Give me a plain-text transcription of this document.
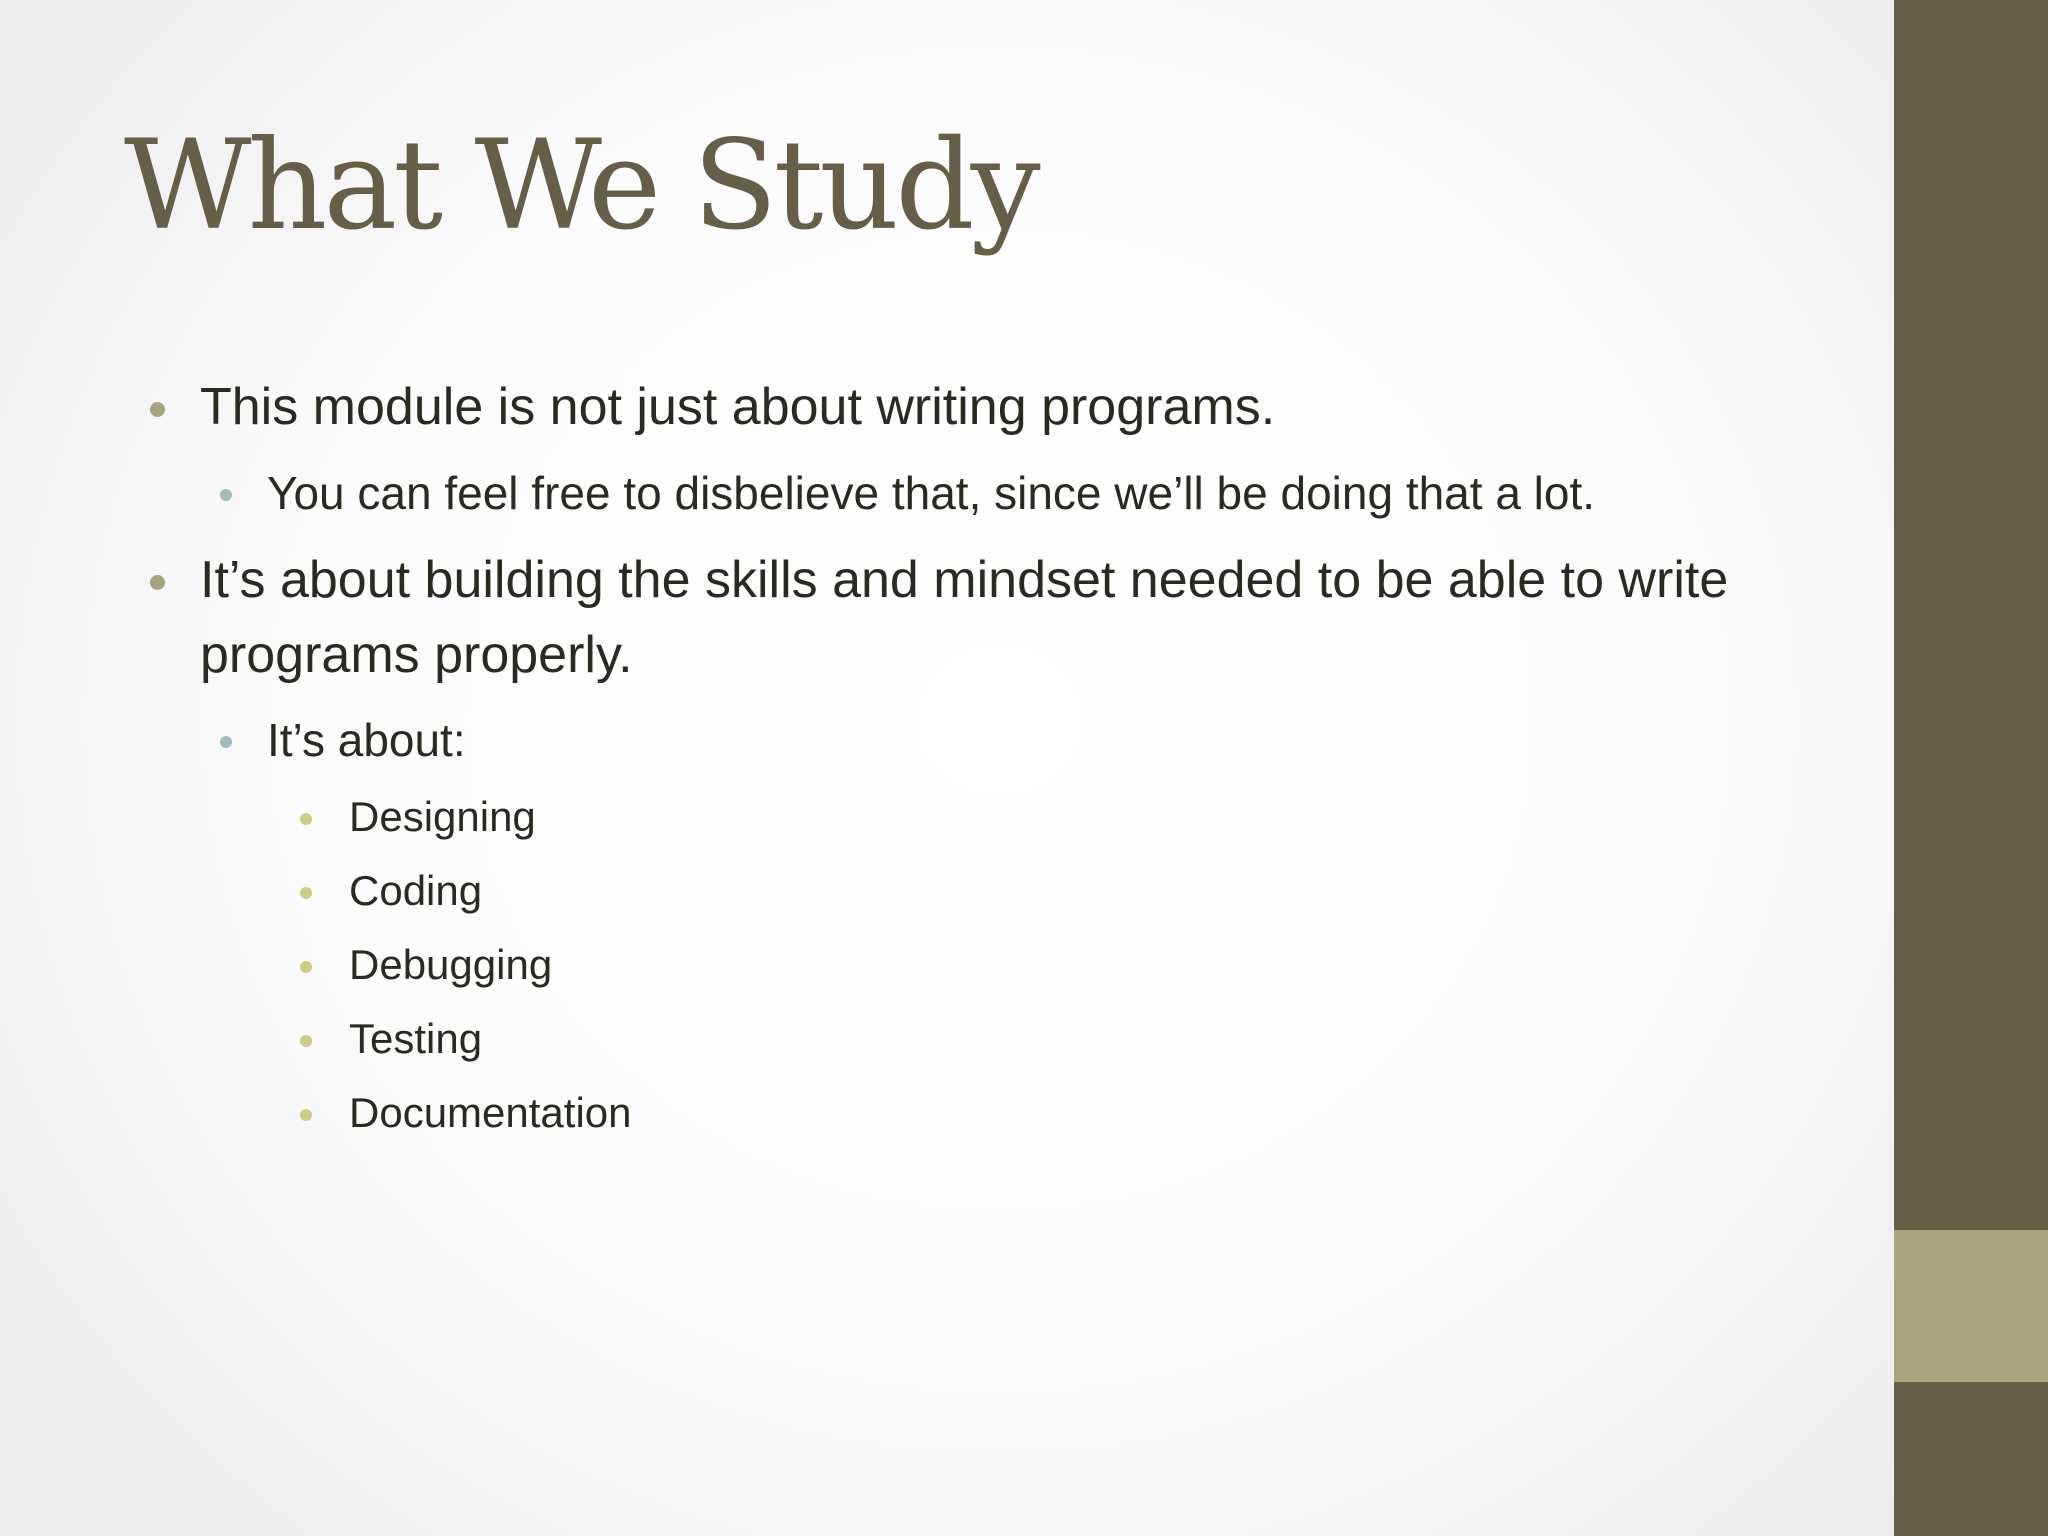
What We Study
This module is not just about writing programs.
You can feel free to disbelieve that, since we’ll be doing that a lot.
It’s about building the skills and mindset needed to be able to write programs properly.
It’s about:
Designing
Coding
Debugging
Testing
Documentation
